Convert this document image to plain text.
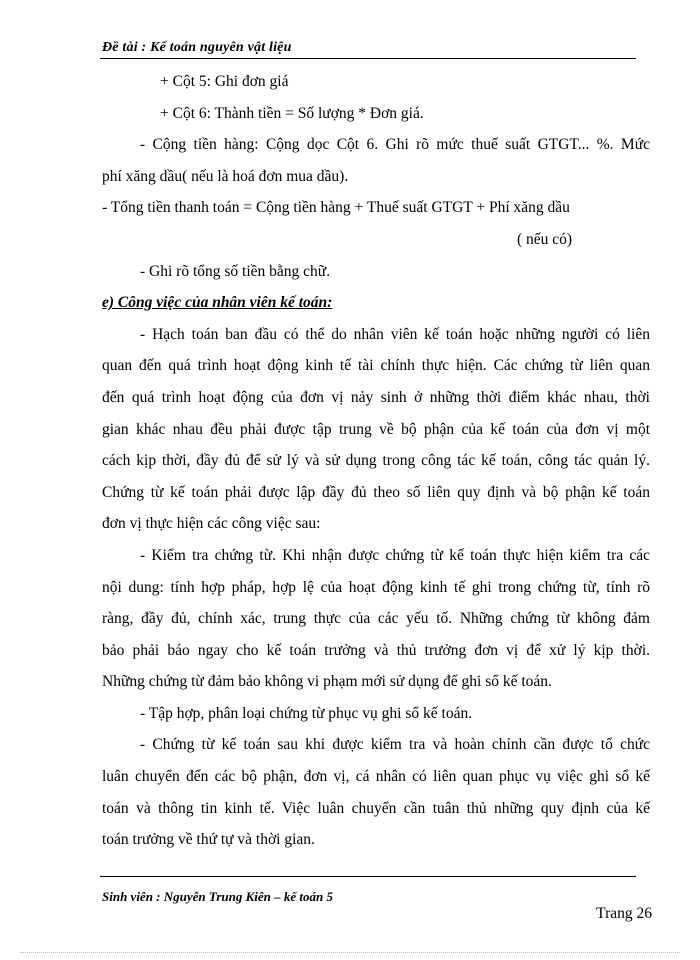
Đề tài : Kế toán nguyên vật liệu
+ Cột 5: Ghi đơn giá
+ Cột 6: Thành tiền = Số lượng * Đơn giá.
- Cộng tiền hàng: Cộng dọc Cột 6. Ghi rõ mức thuế suất GTGT... %. Mức
phí xăng dầu( nếu là hoá đơn mua dầu).
- Tổng tiền thanh toán = Cộng tiền hàng + Thuế suất GTGT + Phí xăng dầu
( nếu có)
- Ghi rõ tổng số tiền bằng chữ.
e) Công việc của nhân viên kế toán:
- Hạch toán ban đầu có thể do nhân viên kế toán hoặc những người có liên
quan đến quá trình hoạt động kinh tế tài chính thực hiện. Các chứng từ liên quan
đến quá trình hoạt động của đơn vị nảy sinh ở những thời điểm khác nhau, thời
gian khác nhau đều phải được tập trung về bộ phận của kế toán của đơn vị một
cách kịp thời, đầy đủ để sử lý và sử dụng trong công tác kế toán, công tác quản lý.
Chứng từ kế toán phải được lập đầy đủ theo số liên quy định và bộ phận kế toán
đơn vị thực hiện các công việc sau:
- Kiểm tra chứng từ. Khi nhận được chứng từ kế toán thực hiện kiểm tra các
nội dung: tính hợp pháp, hợp lệ của hoạt động kinh tế ghi trong chứng từ, tính rõ
ràng, đầy đủ, chính xác, trung thực của các yếu tố. Những chứng từ không đảm
bảo phải báo ngay cho kế toán trưởng và thủ trưởng đơn vị để xử lý kịp thời.
Những chứng từ đảm bảo không vi phạm mới sử dụng để ghi sổ kế toán.
- Tập hợp, phân loại chứng từ phục vụ ghi sổ kế toán.
- Chứng từ kế toán sau khi được kiểm tra và hoàn chỉnh cần được tổ chức
luân chuyển đến các bộ phận, đơn vị, cá nhân có liên quan phục vụ việc ghi sổ kế
toán và thông tin kinh tế. Việc luân chuyển cần tuân thủ những quy định của kế
toán trưởng về thứ tự và thời gian.
Sinh viên : Nguyễn Trung Kiên – kế toán 5
Trang 26
